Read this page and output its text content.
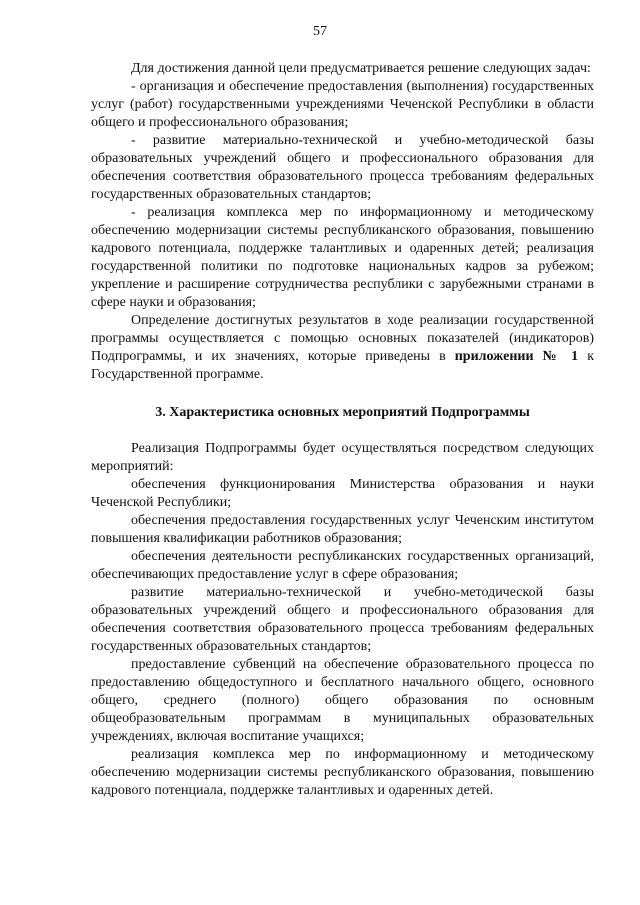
57

Для достижения данной цели предусматривается решение следующих задач:

- организация и обеспечение предоставления (выполнения) государственных услуг (работ) государственными учреждениями Чеченской Республики в области общего и профессионального образования;

- развитие материально-технической и учебно-методической базы образовательных учреждений общего и профессионального образования для обеспечения соответствия образовательного процесса требованиям федеральных государственных образовательных стандартов;

- реализация комплекса мер по информационному и методическому обеспечению модернизации системы республиканского образования, повышению кадрового потенциала, поддержке талантливых и одаренных детей; реализация государственной политики по подготовке национальных кадров за рубежом; укрепление и расширение сотрудничества республики с зарубежными странами в сфере науки и образования;

Определение достигнутых результатов в ходе реализации государственной программы осуществляется с помощью основных показателей (индикаторов) Подпрограммы, и их значениях, которые приведены в приложении № 1 к Государственной программе.

3. Характеристика основных мероприятий Подпрограммы

Реализация Подпрограммы будет осуществляться посредством следующих мероприятий:

обеспечения функционирования Министерства образования и науки Чеченской Республики;

обеспечения предоставления государственных услуг Чеченским институтом повышения квалификации работников образования;

обеспечения деятельности республиканских государственных организаций, обеспечивающих предоставление услуг в сфере образования;

развитие материально-технической и учебно-методической базы образовательных учреждений общего и профессионального образования для обеспечения соответствия образовательного процесса требованиям федеральных государственных образовательных стандартов;

предоставление субвенций на обеспечение образовательного процесса по предоставлению общедоступного и бесплатного начального общего, основного общего, среднего (полного) общего образования по основным общеобразовательным программам в муниципальных образовательных учреждениях, включая воспитание учащихся;

реализация комплекса мер по информационному и методическому обеспечению модернизации системы республиканского образования, повышению кадрового потенциала, поддержке талантливых и одаренных детей.
